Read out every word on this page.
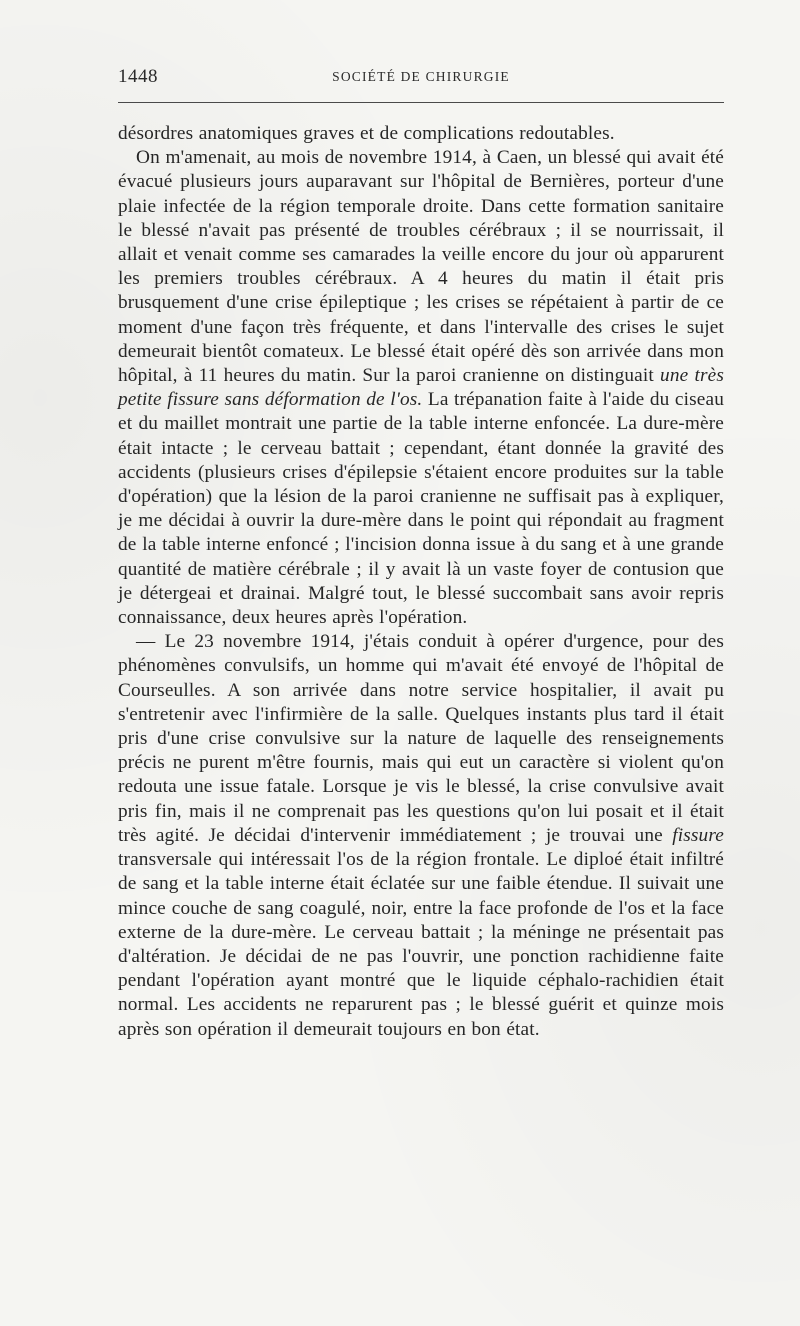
1448	SOCIÉTÉ DE CHIRURGIE

désordres anatomiques graves et de complications redoutables.

On m'amenait, au mois de novembre 1914, à Caen, un blessé qui avait été évacué plusieurs jours auparavant sur l'hôpital de Bernières, porteur d'une plaie infectée de la région temporale droite. Dans cette formation sanitaire le blessé n'avait pas présenté de troubles cérébraux ; il se nourrissait, il allait et venait comme ses camarades la veille encore du jour où apparurent les premiers troubles cérébraux. A 4 heures du matin il était pris brusquement d'une crise épileptique ; les crises se répétaient à partir de ce moment d'une façon très fréquente, et dans l'intervalle des crises le sujet demeurait bientôt comateux. Le blessé était opéré dès son arrivée dans mon hôpital, à 11 heures du matin. Sur la paroi cranienne on distinguait une très petite fissure sans déformation de l'os. La trépanation faite à l'aide du ciseau et du maillet montrait une partie de la table interne enfoncée. La dure-mère était intacte ; le cerveau battait ; cependant, étant donnée la gravité des accidents (plusieurs crises d'épilepsie s'étaient encore produites sur la table d'opération) que la lésion de la paroi cranienne ne suffisait pas à expliquer, je me décidai à ouvrir la dure-mère dans le point qui répondait au fragment de la table interne enfoncé ; l'incision donna issue à du sang et à une grande quantité de matière cérébrale ; il y avait là un vaste foyer de contusion que je détergeai et drainai. Malgré tout, le blessé succombait sans avoir repris connaissance, deux heures après l'opération.

— Le 23 novembre 1914, j'étais conduit à opérer d'urgence, pour des phénomènes convulsifs, un homme qui m'avait été envoyé de l'hôpital de Courseulles. A son arrivée dans notre service hospitalier, il avait pu s'entretenir avec l'infirmière de la salle. Quelques instants plus tard il était pris d'une crise convulsive sur la nature de laquelle des renseignements précis ne purent m'être fournis, mais qui eut un caractère si violent qu'on redouta une issue fatale. Lorsque je vis le blessé, la crise convulsive avait pris fin, mais il ne comprenait pas les questions qu'on lui posait et il était très agité. Je décidai d'intervenir immédiatement ; je trouvai une fissure transversale qui intéressait l'os de la région frontale. Le diploé était infiltré de sang et la table interne était éclatée sur une faible étendue. Il suivait une mince couche de sang coagulé, noir, entre la face profonde de l'os et la face externe de la dure-mère. Le cerveau battait ; la méninge ne présentait pas d'altération. Je décidai de ne pas l'ouvrir, une ponction rachidienne faite pendant l'opération ayant montré que le liquide céphalo-rachidien était normal. Les accidents ne reparurent pas ; le blessé guérit et quinze mois après son opération il demeurait toujours en bon état.
